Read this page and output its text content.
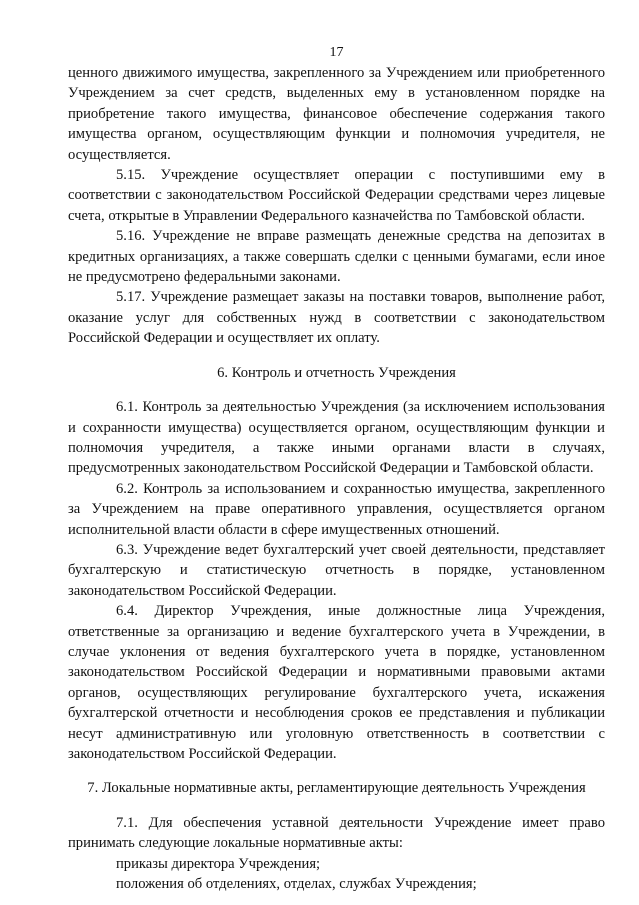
17

ценного движимого имущества, закрепленного за Учреждением или приобретенного Учреждением за счет средств, выделенных ему в установленном порядке на приобретение такого имущества, финансовое обеспечение содержания такого имущества органом, осуществляющим функции и полномочия учредителя, не осуществляется.

5.15. Учреждение осуществляет операции с поступившими ему в соответствии с законодательством Российской Федерации средствами через лицевые счета, открытые в Управлении Федерального казначейства по Тамбовской области.

5.16. Учреждение не вправе размещать денежные средства на депозитах в кредитных организациях, а также совершать сделки с ценными бумагами, если иное не предусмотрено федеральными законами.

5.17. Учреждение размещает заказы на поставки товаров, выполнение работ, оказание услуг для собственных нужд в соответствии с законодательством Российской Федерации и осуществляет их оплату.

6. Контроль и отчетность Учреждения

6.1. Контроль за деятельностью Учреждения (за исключением использования и сохранности имущества) осуществляется органом, осуществляющим функции и полномочия учредителя, а также иными органами власти в случаях, предусмотренных законодательством Российской Федерации и Тамбовской области.

6.2. Контроль за использованием и сохранностью имущества, закрепленного за Учреждением на праве оперативного управления, осуществляется органом исполнительной власти области в сфере имущественных отношений.

6.3. Учреждение ведет бухгалтерский учет своей деятельности, представляет бухгалтерскую и статистическую отчетность в порядке, установленном законодательством Российской Федерации.

6.4. Директор Учреждения, иные должностные лица Учреждения, ответственные за организацию и ведение бухгалтерского учета в Учреждении, в случае уклонения от ведения бухгалтерского учета в порядке, установленном законодательством Российской Федерации и нормативными правовыми актами органов, осуществляющих регулирование бухгалтерского учета, искажения бухгалтерской отчетности и несоблюдения сроков ее представления и публикации несут административную или уголовную ответственность в соответствии с законодательством Российской Федерации.

7. Локальные нормативные акты, регламентирующие деятельность Учреждения

7.1. Для обеспечения уставной деятельности Учреждение имеет право принимать следующие локальные нормативные акты:

приказы директора Учреждения;
положения об отделениях, отделах, службах Учреждения;
